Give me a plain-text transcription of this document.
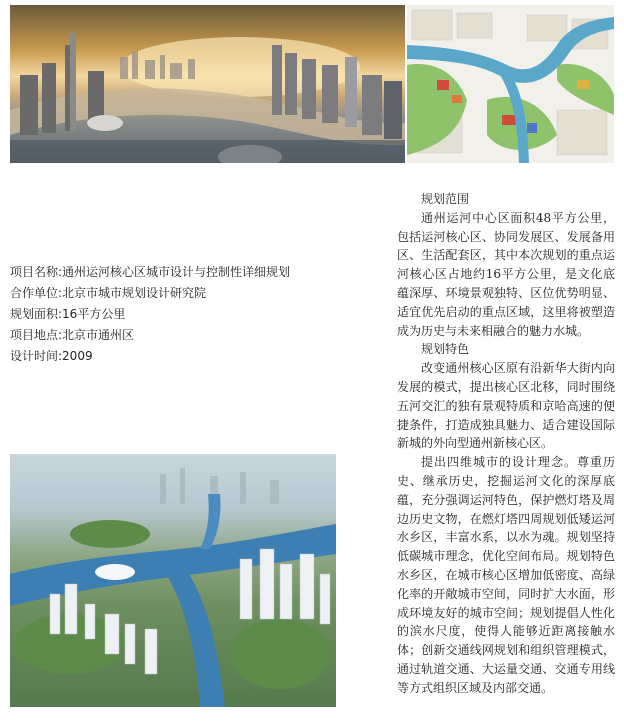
项目名称:通州运河核心区城市设计与控制性详细规划
合作单位:北京市城市规划设计研究院
规划面积:16平方公里
项目地点:北京市通州区
设计时间:2009
规划范围
通州运河中心区面积48平方公里，包括运河核心区、协同发展区、发展备用区、生活配套区，其中本次规划的重点运河核心区占地约16平方公里，是文化底蕴深厚、环境景观独特、区位优势明显、适宜优先启动的重点区域，这里将被塑造成为历史与未来相融合的魅力水城。
规划特色
改变通州核心区原有沿新华大街内向发展的模式，提出核心区北移，同时围绕五河交汇的独有景观特质和京哈高速的便捷条件，打造成独具魅力、适合建设国际新城的外向型通州新核心区。
提出四维城市的设计理念。尊重历史、继承历史，挖掘运河文化的深厚底蕴，充分强调运河特色，保护燃灯塔及周边历史文物，在燃灯塔四周规划低矮运河水乡区，丰富水系，以水为魂。规划坚持低碳城市理念，优化空间布局。规划特色水乡区，在城市核心区增加低密度、高绿化率的开敞城市空间，同时扩大水面，形成环境友好的城市空间；规划提倡人性化的滨水尺度，使得人能够近距离接触水体；创新交通线网规划和组织管理模式，通过轨道交通、大运量交通、交通专用线等方式组织区域及内部交通。
